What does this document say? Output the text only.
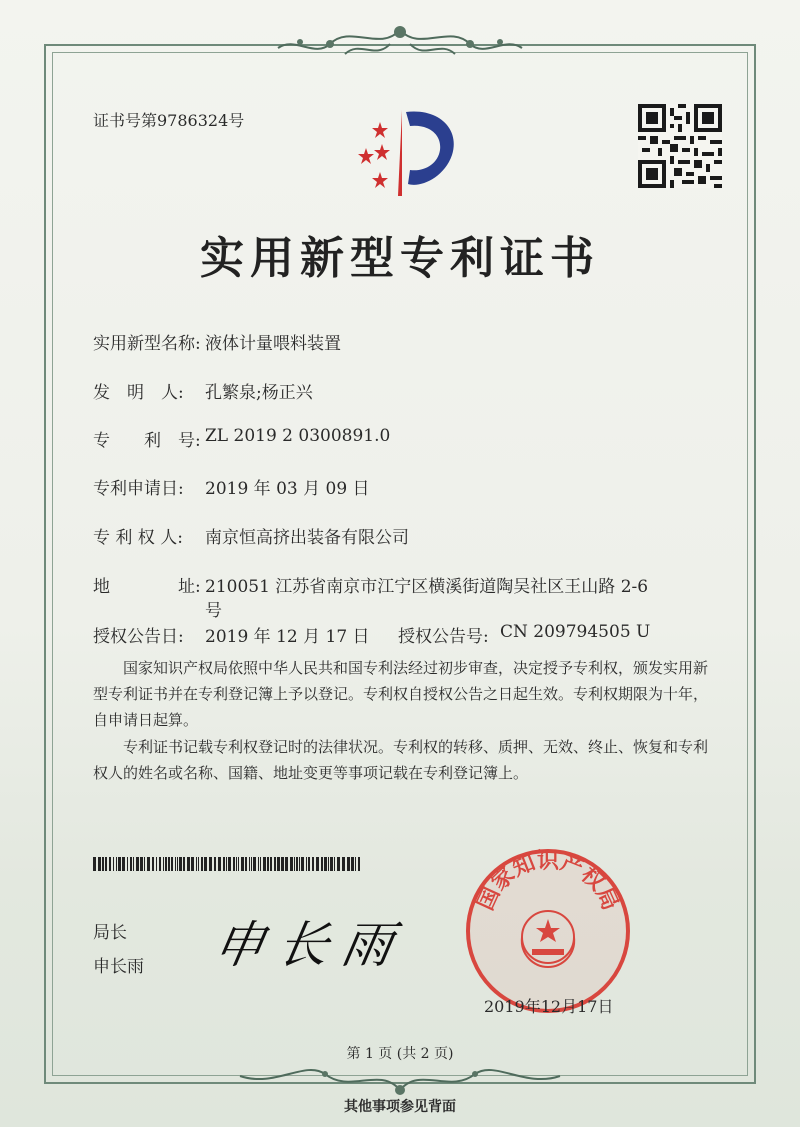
证书号第9786324号
实用新型专利证书
实用新型名称: 液体计量喂料装置
发　明　人: 孔繁泉;杨正兴
专　　利　号: ZL 2019 2 0300891.0
专利申请日: 2019 年 03 月 09 日
专 利 权 人: 南京恒高挤出装备有限公司
地　　　　址: 210051 江苏省南京市江宁区横溪街道陶吴社区王山路 2-6
号
授权公告日: 2019 年 12 月 17 日 授权公告号: CN 209794505 U
国家知识产权局依照中华人民共和国专利法经过初步审查，决定授予专利权，颁发实用新型专利证书并在专利登记簿上予以登记。专利权自授权公告之日起生效。专利权期限为十年，自申请日起算。
专利证书记载专利权登记时的法律状况。专利权的转移、质押、无效、终止、恢复和专利权人的姓名或名称、国籍、地址变更等事项记载在专利登记簿上。
局长
申长雨 申长雨
国家知识产权局
2019年12月17日
第 1 页 (共 2 页)
其他事项参见背面
